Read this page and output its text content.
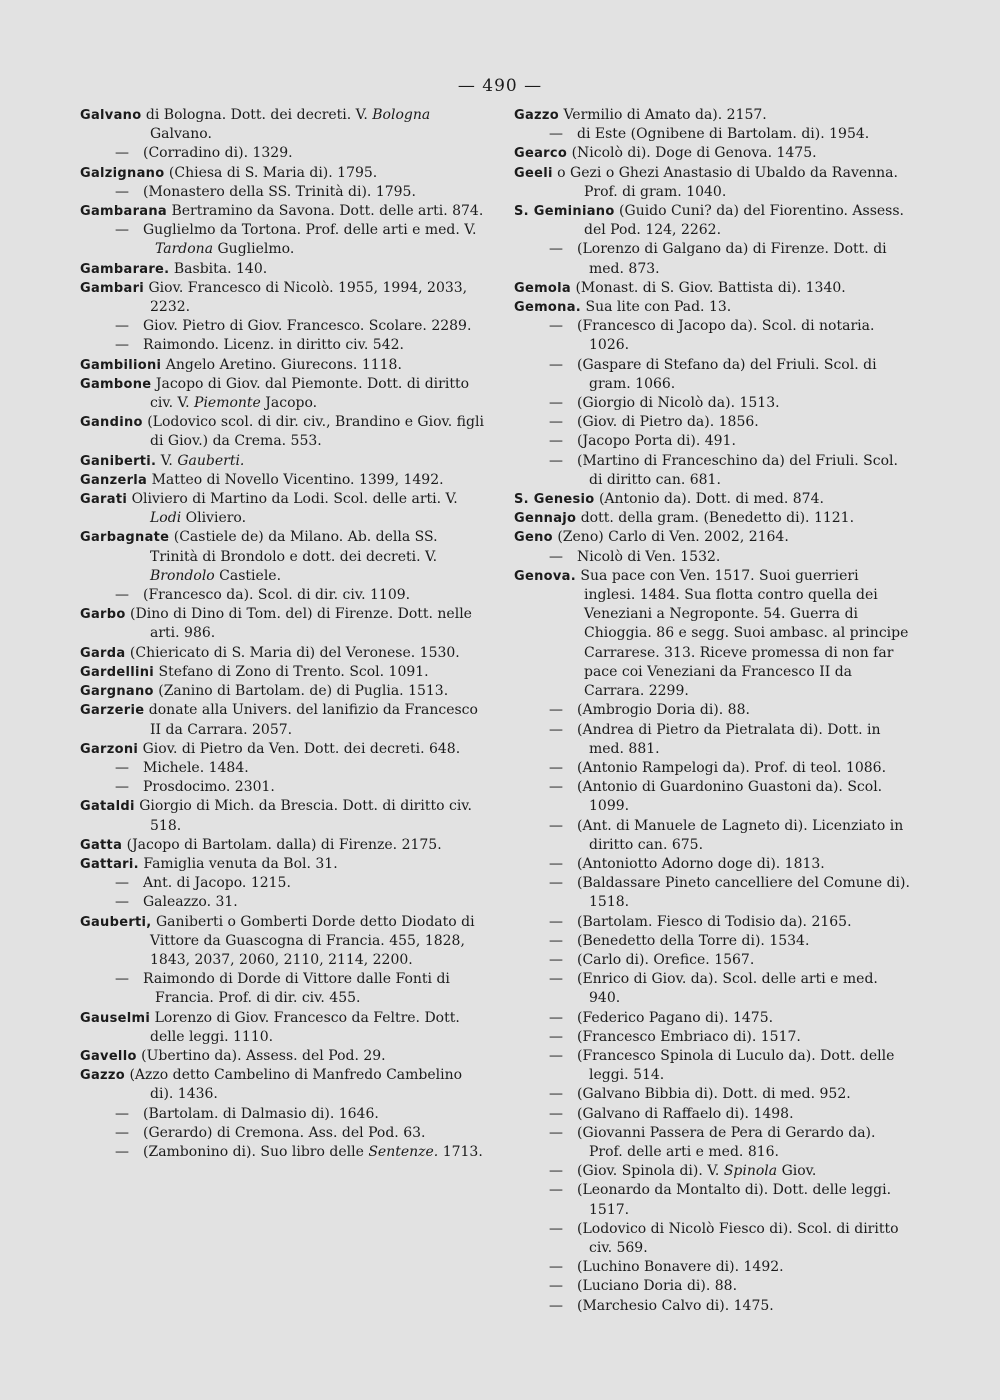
— 490 —
Galvano di Bologna. Dott. dei decreti. V. Bologna Galvano.
—(Corradino di). 1329.
Galzignano (Chiesa di S. Maria di). 1795.
—(Monastero della SS. Trinità di). 1795.
Gambarana Bertramino da Savona. Dott. delle arti. 874.
—Guglielmo da Tortona. Prof. delle arti e med. V. Tardona Guglielmo.
Gambarare. Basbita. 140.
Gambari Giov. Francesco di Nicolò. 1955, 1994, 2033, 2232.
—Giov. Pietro di Giov. Francesco. Scolare. 2289.
—Raimondo. Licenz. in diritto civ. 542.
Gambilioni Angelo Aretino. Giurecons. 1118.
Gambone Jacopo di Giov. dal Piemonte. Dott. di diritto civ. V. Piemonte Jacopo.
Gandino (Lodovico scol. di dir. civ., Brandino e Giov. figli di Giov.) da Crema. 553.
Ganiberti. V. Gauberti.
Ganzerla Matteo di Novello Vicentino. 1399, 1492.
Garati Oliviero di Martino da Lodi. Scol. delle arti. V. Lodi Oliviero.
Garbagnate (Castiele de) da Milano. Ab. della SS. Trinità di Brondolo e dott. dei decreti. V. Brondolo Castiele.
—(Francesco da). Scol. di dir. civ. 1109.
Garbo (Dino di Dino di Tom. del) di Firenze. Dott. nelle arti. 986.
Garda (Chiericato di S. Maria di) del Veronese. 1530.
Gardellini Stefano di Zono di Trento. Scol. 1091.
Gargnano (Zanino di Bartolam. de) di Puglia. 1513.
Garzerie donate alla Univers. del lanifizio da Francesco II da Carrara. 2057.
Garzoni Giov. di Pietro da Ven. Dott. dei decreti. 648.
—Michele. 1484.
—Prosdocimo. 2301.
Gataldi Giorgio di Mich. da Brescia. Dott. di diritto civ. 518.
Gatta (Jacopo di Bartolam. dalla) di Firenze. 2175.
Gattari. Famiglia venuta da Bol. 31.
—Ant. di Jacopo. 1215.
—Galeazzo. 31.
Gauberti, Ganiberti o Gomberti Dorde detto Diodato di Vittore da Guascogna di Francia. 455, 1828, 1843, 2037, 2060, 2110, 2114, 2200.
—Raimondo di Dorde di Vittore dalle Fonti di Francia. Prof. di dir. civ. 455.
Gauselmi Lorenzo di Giov. Francesco da Feltre. Dott. delle leggi. 1110.
Gavello (Ubertino da). Assess. del Pod. 29.
Gazzo (Azzo detto Cambelino di Manfredo Cambelino di). 1436.
—(Bartolam. di Dalmasio di). 1646.
—(Gerardo) di Cremona. Ass. del Pod. 63.
—(Zambonino di). Suo libro delle Sentenze. 1713.
Gazzo Vermilio di Amato da). 2157.
—di Este (Ognibene di Bartolam. di). 1954.
Gearco (Nicolò di). Doge di Genova. 1475.
Geeli o Gezi o Ghezi Anastasio di Ubaldo da Ravenna. Prof. di gram. 1040.
S. Geminiano (Guido Cuni? da) del Fiorentino. Assess. del Pod. 124, 2262.
—(Lorenzo di Galgano da) di Firenze. Dott. di med. 873.
Gemola (Monast. di S. Giov. Battista di). 1340.
Gemona. Sua lite con Pad. 13.
—(Francesco di Jacopo da). Scol. di notaria. 1026.
—(Gaspare di Stefano da) del Friuli. Scol. di gram. 1066.
—(Giorgio di Nicolò da). 1513.
—(Giov. di Pietro da). 1856.
—(Jacopo Porta di). 491.
—(Martino di Franceschino da) del Friuli. Scol. di diritto can. 681.
S. Genesio (Antonio da). Dott. di med. 874.
Gennajo dott. della gram. (Benedetto di). 1121.
Geno (Zeno) Carlo di Ven. 2002, 2164.
—Nicolò di Ven. 1532.
Genova. Sua pace con Ven. 1517. Suoi guerrieri inglesi. 1484. Sua flotta contro quella dei Veneziani a Negroponte. 54. Guerra di Chioggia. 86 e segg. Suoi ambasc. al principe Carrarese. 313. Riceve promessa di non far pace coi Veneziani da Francesco II da Carrara. 2299.
—(Ambrogio Doria di). 88.
—(Andrea di Pietro da Pietralata di). Dott. in med. 881.
—(Antonio Rampelogi da). Prof. di teol. 1086.
—(Antonio di Guardonino Guastoni da). Scol. 1099.
—(Ant. di Manuele de Lagneto di). Licenziato in diritto can. 675.
—(Antoniotto Adorno doge di). 1813.
—(Baldassare Pineto cancelliere del Comune di). 1518.
—(Bartolam. Fiesco di Todisio da). 2165.
—(Benedetto della Torre di). 1534.
—(Carlo di). Orefice. 1567.
—(Enrico di Giov. da). Scol. delle arti e med. 940.
—(Federico Pagano di). 1475.
—(Francesco Embriaco di). 1517.
—(Francesco Spinola di Luculo da). Dott. delle leggi. 514.
—(Galvano Bibbia di). Dott. di med. 952.
—(Galvano di Raffaelo di). 1498.
—(Giovanni Passera de Pera di Gerardo da). Prof. delle arti e med. 816.
—(Giov. Spinola di). V. Spinola Giov.
—(Leonardo da Montalto di). Dott. delle leggi. 1517.
—(Lodovico di Nicolò Fiesco di). Scol. di diritto civ. 569.
—(Luchino Bonavere di). 1492.
—(Luciano Doria di). 88.
—(Marchesio Calvo di). 1475.
